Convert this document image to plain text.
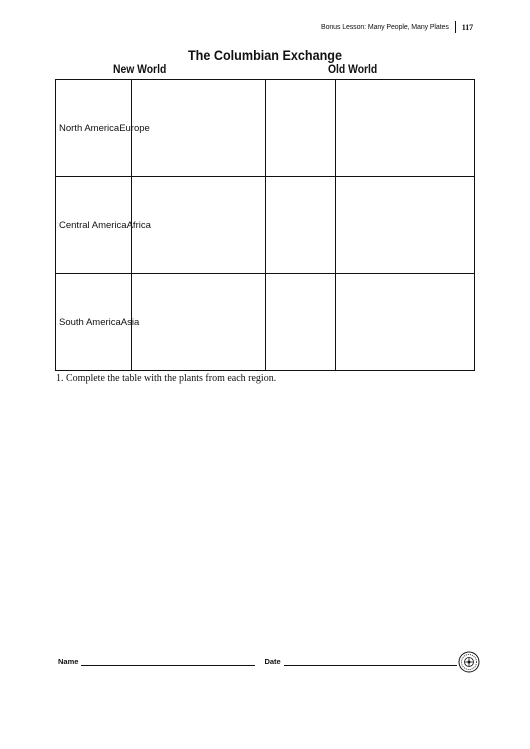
Bonus Lesson: Many People, Many Plates 117
The Columbian Exchange
New World	Old World
North AmericaEurope
Central AmericaAfrica
South AmericaAsia
1. Complete the table with the plants from each region.
Name	Date
